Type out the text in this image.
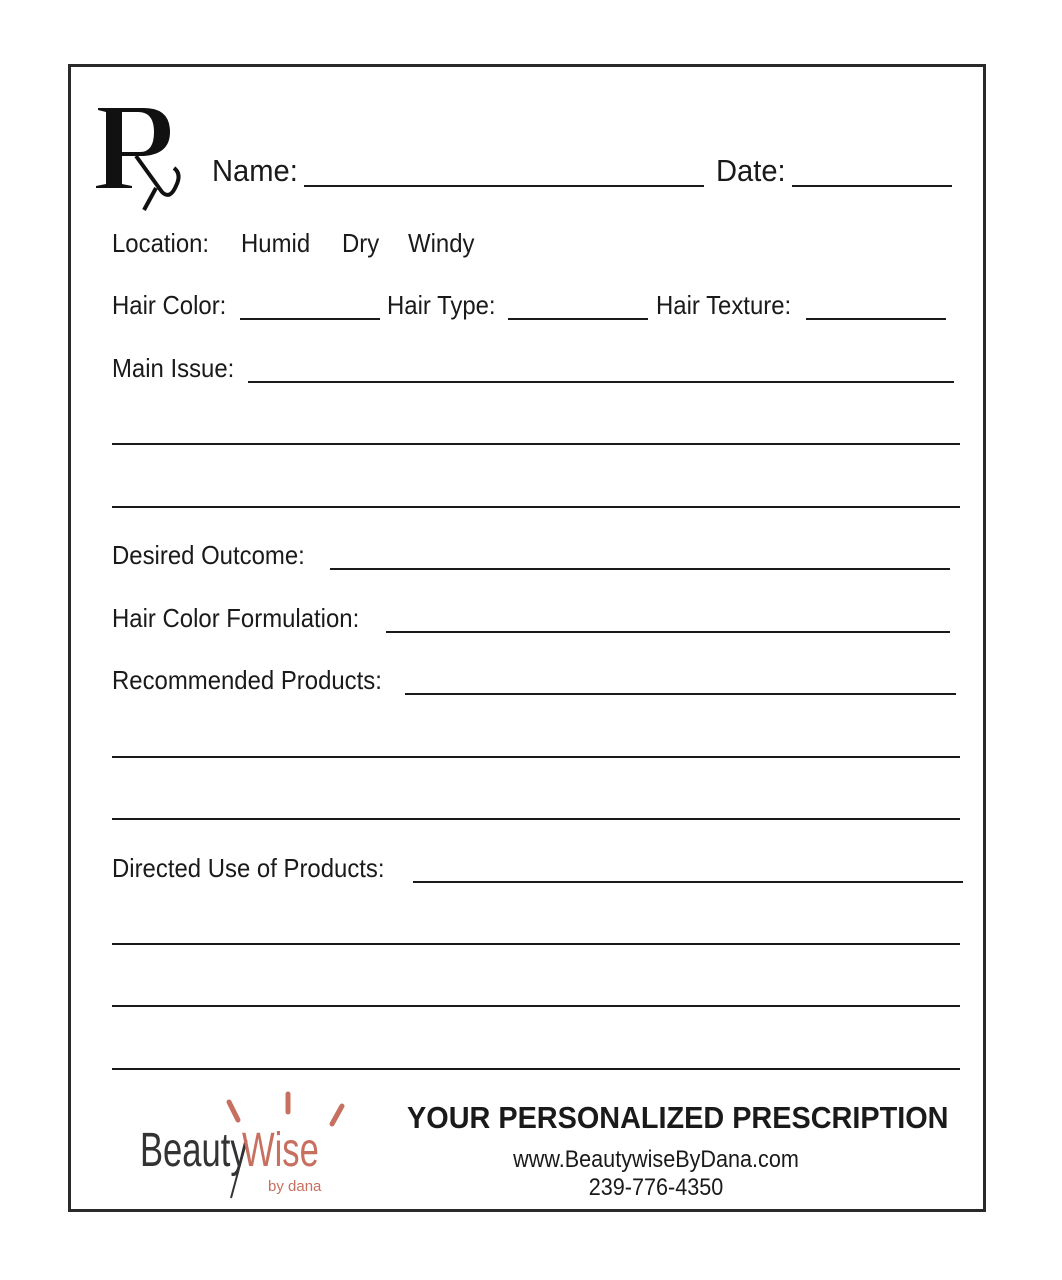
Name:	Date:
Location: Humid Dry Windy
Hair Color:	Hair Type:	Hair Texture:
Main Issue:
Desired Outcome:
Hair Color Formulation:
Recommended Products:
Directed Use of Products:
Beauty
Wise
by dana
YOUR PERSONALIZED PRESCRIPTION
www.BeautywiseByDana.com
239-776-4350
